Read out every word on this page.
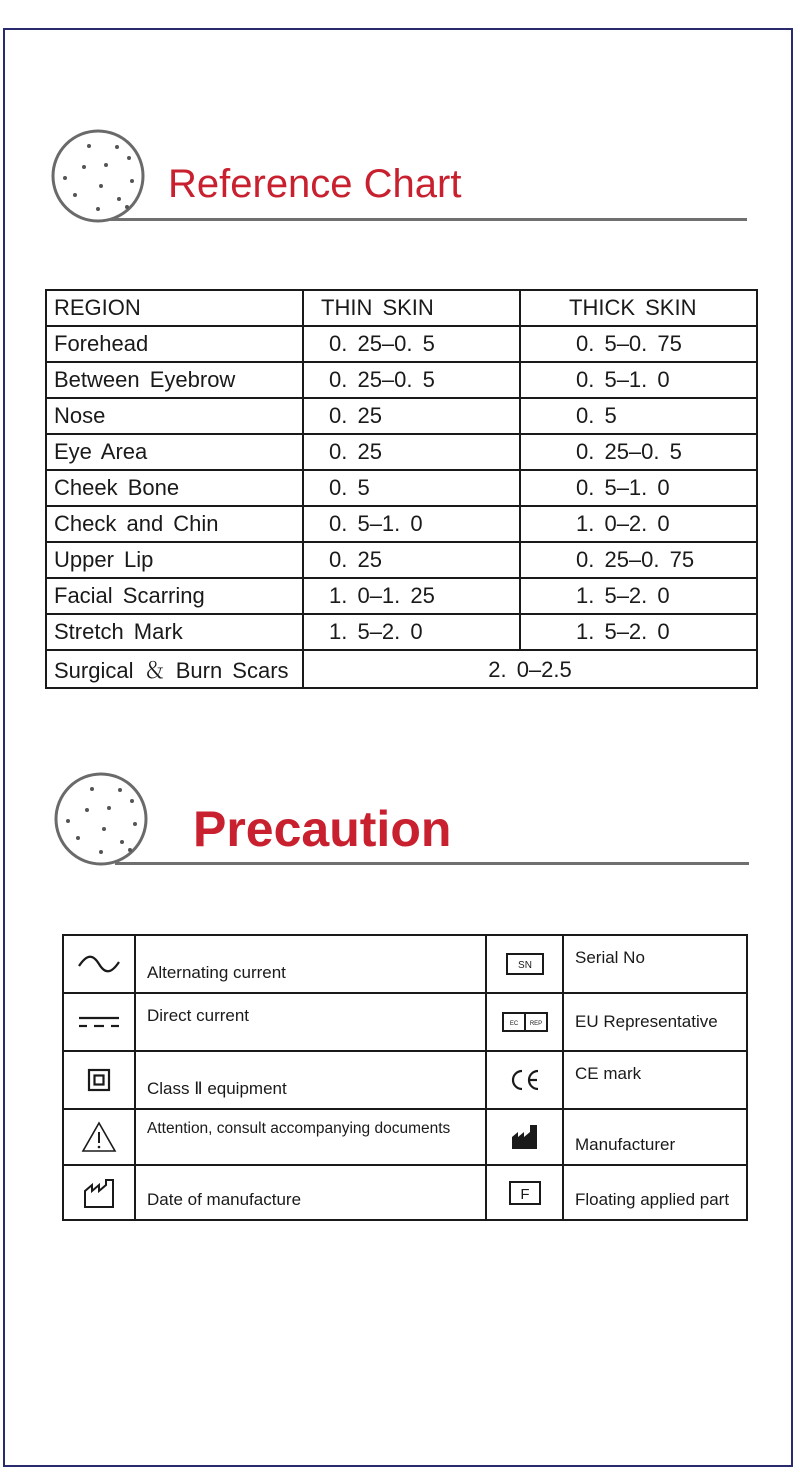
Reference Chart
REGION	THIN SKIN	THICK SKIN
Forehead	0. 25–0. 5	0. 5–0. 75
Between Eyebrow	0. 25–0. 5	0. 5–1. 0
Nose	0. 25	0. 5
Eye Area	0. 25	0. 25–0. 5
Cheek Bone	0. 5	0. 5–1. 0
Check and Chin	0. 5–1. 0	1. 0–2. 0
Upper Lip	0. 25	0. 25–0. 75
Facial Scarring	1. 0–1. 25	1. 5–2. 0
Stretch Mark	1. 5–2. 0	1. 5–2. 0
Surgical ＆ Burn Scars	2. 0–2.5	
Precaution
	Alternating current	SN	Serial No

	Direct current	EC REP	EU Representative

	Class Ⅱ equipment		CE mark

	Attention, consult accompanying documents		Manufacturer

	Date of manufacture	F	Floating applied part
